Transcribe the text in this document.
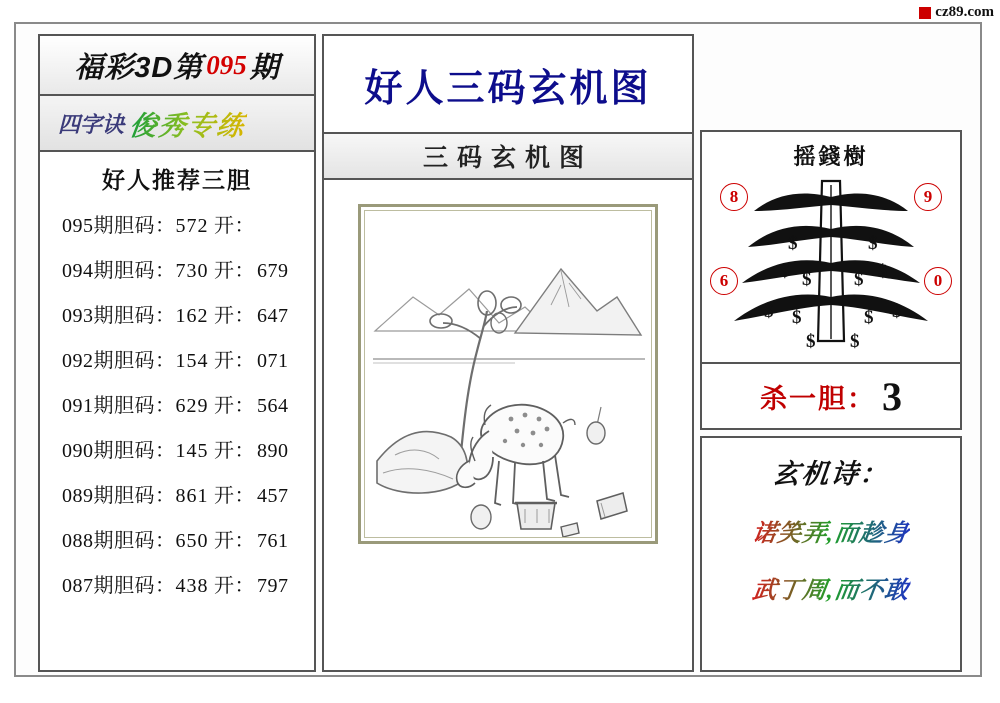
cz89.com
福彩3D第 095 期
四字诀 俊秀专练
好人推荐三胆
095期胆码：572 开：
094期胆码：730 开： 679
093期胆码：162 开： 647
092期胆码：154 开： 071
091期胆码：629 开： 564
090期胆码：145 开： 890
089期胆码：861 开： 457
088期胆码：650 开： 761
087期胆码：438 开： 797
好人三码玄机图
三码玄机图	摇錢樹
8	9
6	0
$	$
$ $ $ $
$ $	$ $
$ $
杀一胆： 3
玄机诗：
诺笑弄,而趁身
武丁周,而不敢
